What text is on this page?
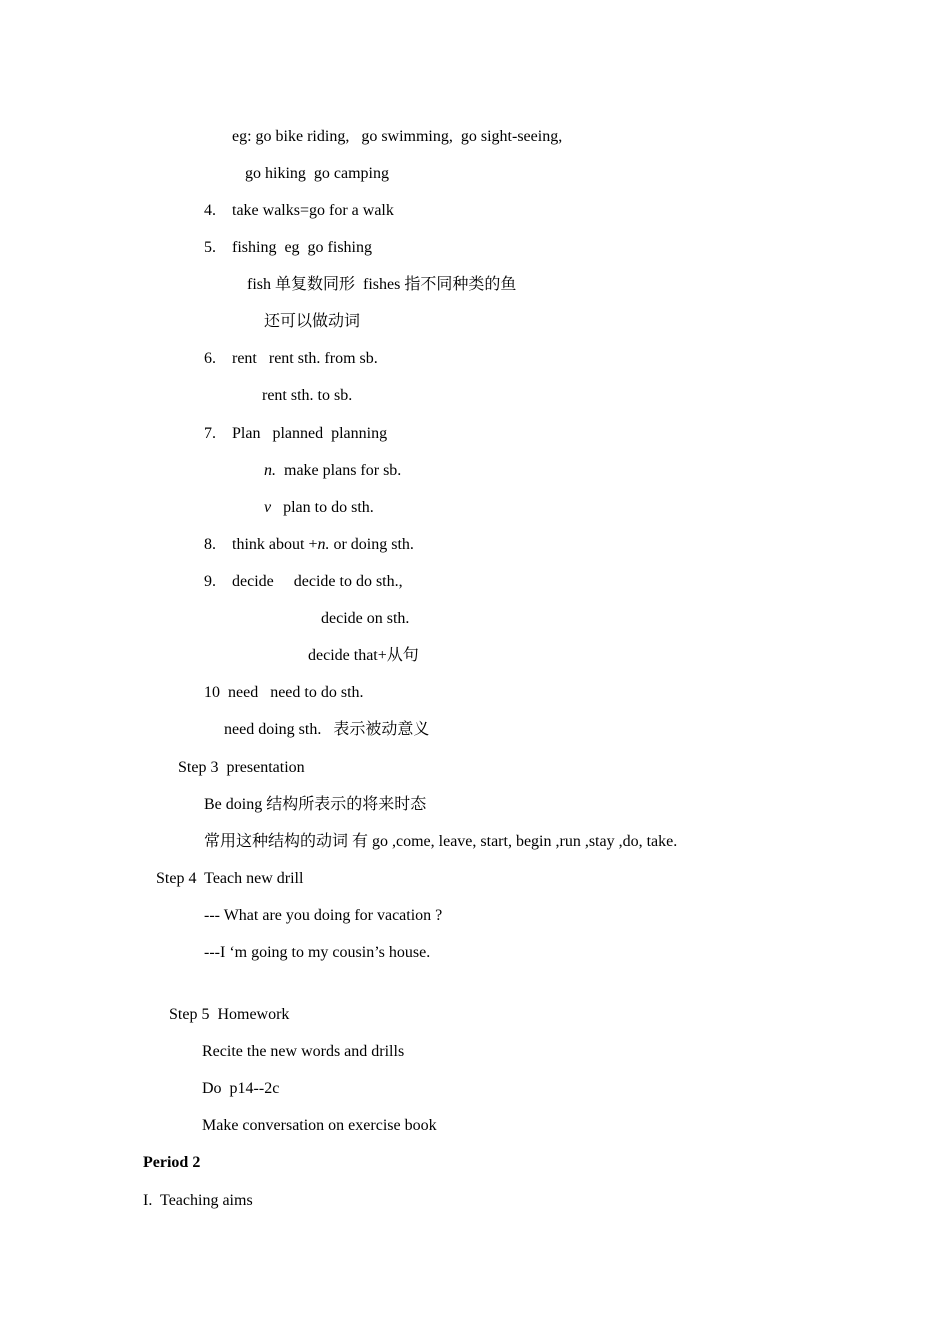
eg: go bike riding,   go swimming,  go sight-seeing,
go hiking  go camping
4. take walks=go for a walk
5. fishing  eg  go fishing
fish 单复数同形  fishes 指不同种类的鱼
还可以做动词
6. rent   rent sth. from sb.
rent sth. to sb.
7. Plan   planned  planning
n.  make plans for sb.
v   plan to do sth.
8. think about +n. or doing sth.
9. decide     decide to do sth.,
decide on sth.
decide that+从句
10  need   need to do sth.
need doing sth.   表示被动意义
Step 3  presentation
Be doing 结构所表示的将来时态
常用这种结构的动词 有 go ,come, leave, start, begin ,run ,stay ,do, take.
Step 4  Teach new drill
--- What are you doing for vacation ?
---I ‘m going to my cousin’s house.
Step 5  Homework
Recite the new words and drills
Do  p14--2c
Make conversation on exercise book
Period 2
I.  Teaching aims
